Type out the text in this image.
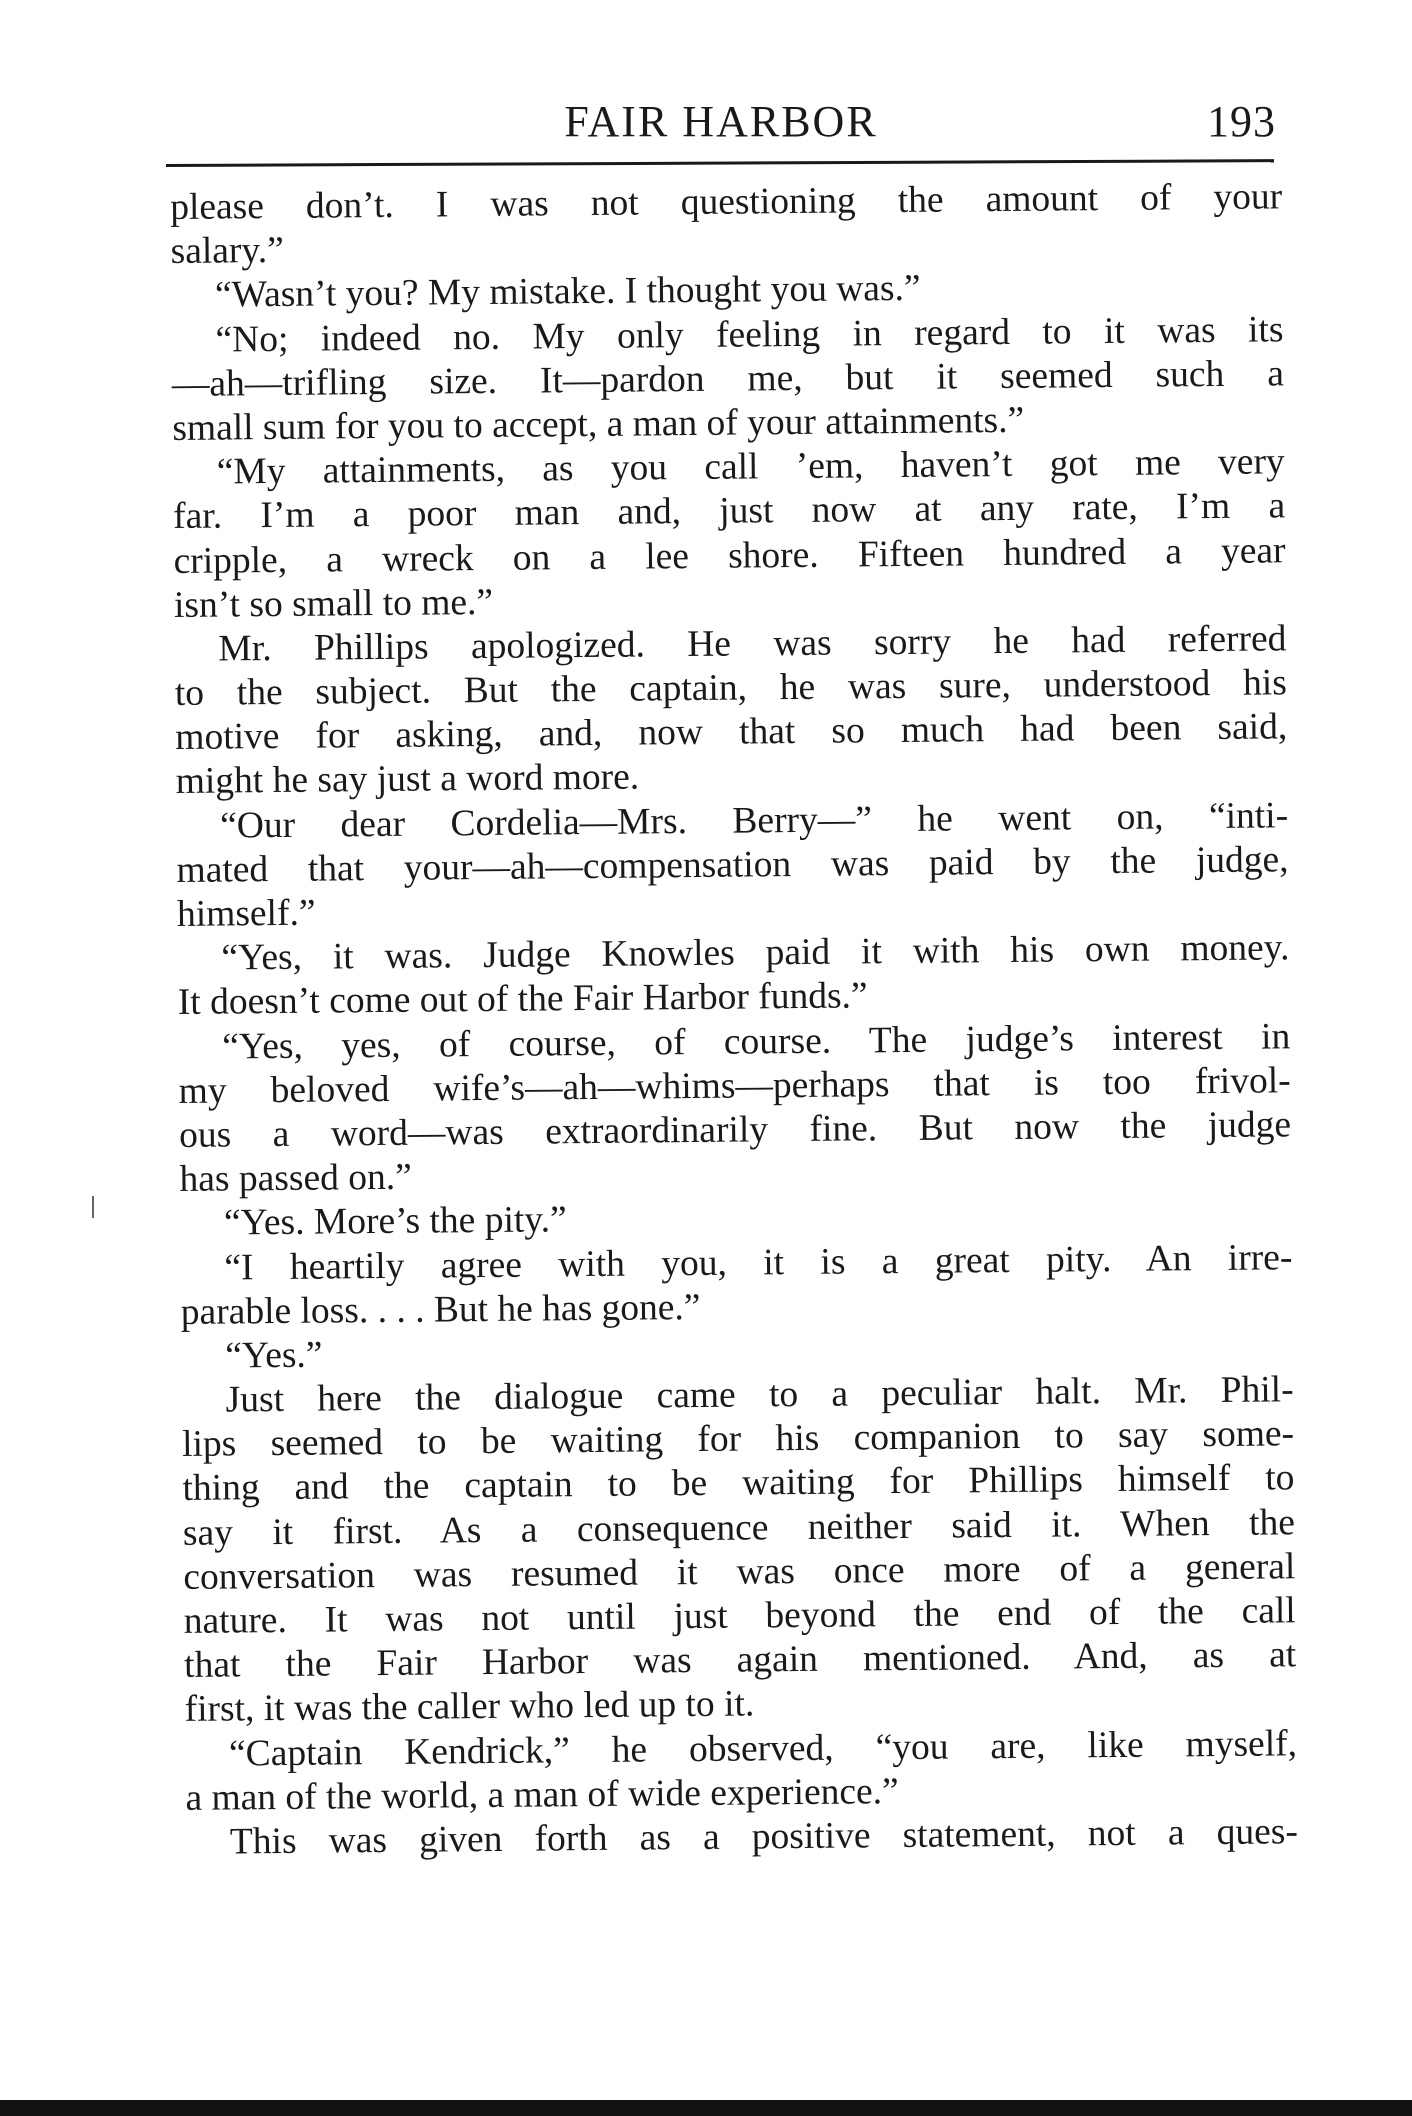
FAIR HARBOR	193
please don’t. I was not questioning the amount of your
salary.”
“Wasn’t you? My mistake. I thought you was.”
“No; indeed no. My only feeling in regard to it was its
—ah—trifling size. It—pardon me, but it seemed such a
small sum for you to accept, a man of your attainments.”
“My attainments, as you call ’em, haven’t got me very
far. I’m a poor man and, just now at any rate, I’m a
cripple, a wreck on a lee shore. Fifteen hundred a year
isn’t so small to me.”
Mr. Phillips apologized. He was sorry he had referred
to the subject. But the captain, he was sure, understood his
motive for asking, and, now that so much had been said,
might he say just a word more.
“Our dear Cordelia—Mrs. Berry—” he went on, “inti-
mated that your—ah—compensation was paid by the judge,
himself.”
“Yes, it was. Judge Knowles paid it with his own money.
It doesn’t come out of the Fair Harbor funds.”
“Yes, yes, of course, of course. The judge’s interest in
my beloved wife’s—ah—whims—perhaps that is too frivol-
ous a word—was extraordinarily fine. But now the judge
has passed on.”
“Yes. More’s the pity.”
“I heartily agree with you, it is a great pity. An irre-
parable loss. . . . But he has gone.”
“Yes.”
Just here the dialogue came to a peculiar halt. Mr. Phil-
lips seemed to be waiting for his companion to say some-
thing and the captain to be waiting for Phillips himself to
say it first. As a consequence neither said it. When the
conversation was resumed it was once more of a general
nature. It was not until just beyond the end of the call
that the Fair Harbor was again mentioned. And, as at
first, it was the caller who led up to it.
“Captain Kendrick,” he observed, “you are, like myself,
a man of the world, a man of wide experience.”
This was given forth as a positive statement, not a ques-
